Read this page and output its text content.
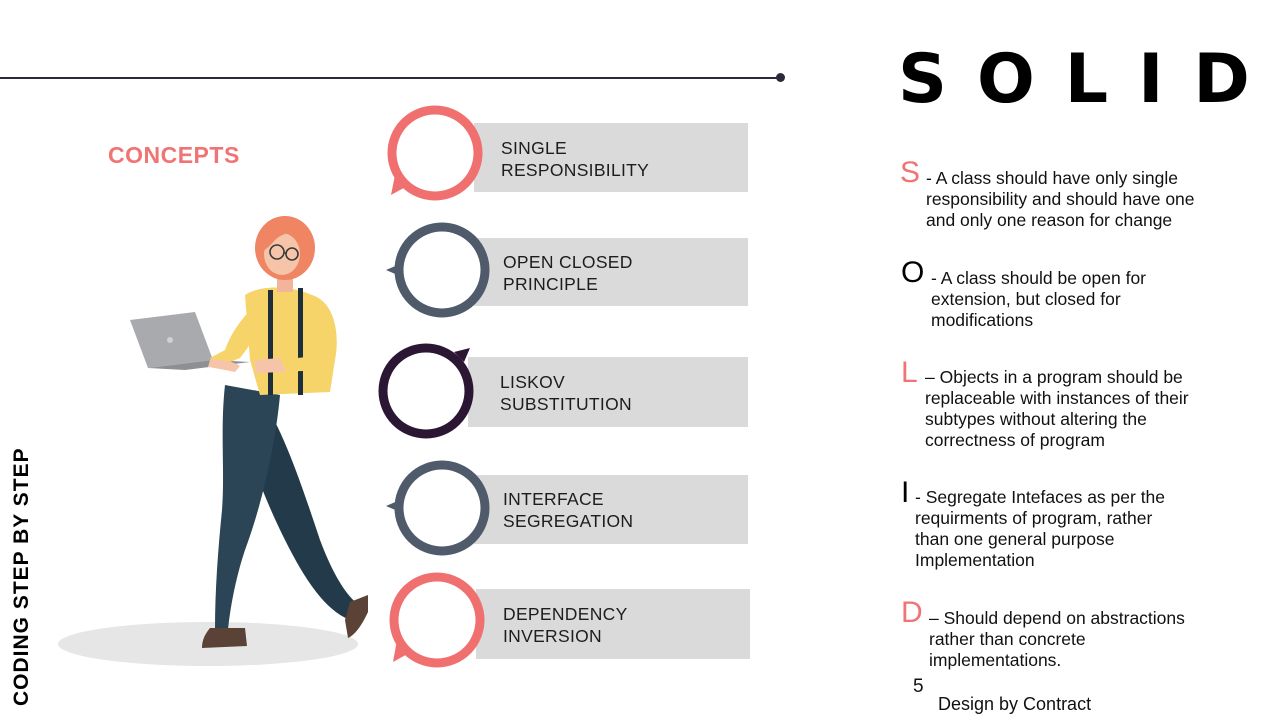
CONCEPTS
CODING STEP BY STEP
SINGLE
RESPONSIBILITY
OPEN CLOSED
PRINCIPLE
LISKOV
SUBSTITUTION
INTERFACE
SEGREGATION
DEPENDENCY
INVERSION
SOLID
S - A class should have only single
responsibility and should have one
and only one reason for change
O - A class should be open for
extension, but closed for
modifications
L – Objects in a program should be
replaceable with instances of their
subtypes without altering the
correctness of program
I - Segregate Intefaces as per the
requirments of program, rather
than one general purpose
Implementation
D – Should depend on abstractions
rather than concrete
implementations.
5
Design by Contract
